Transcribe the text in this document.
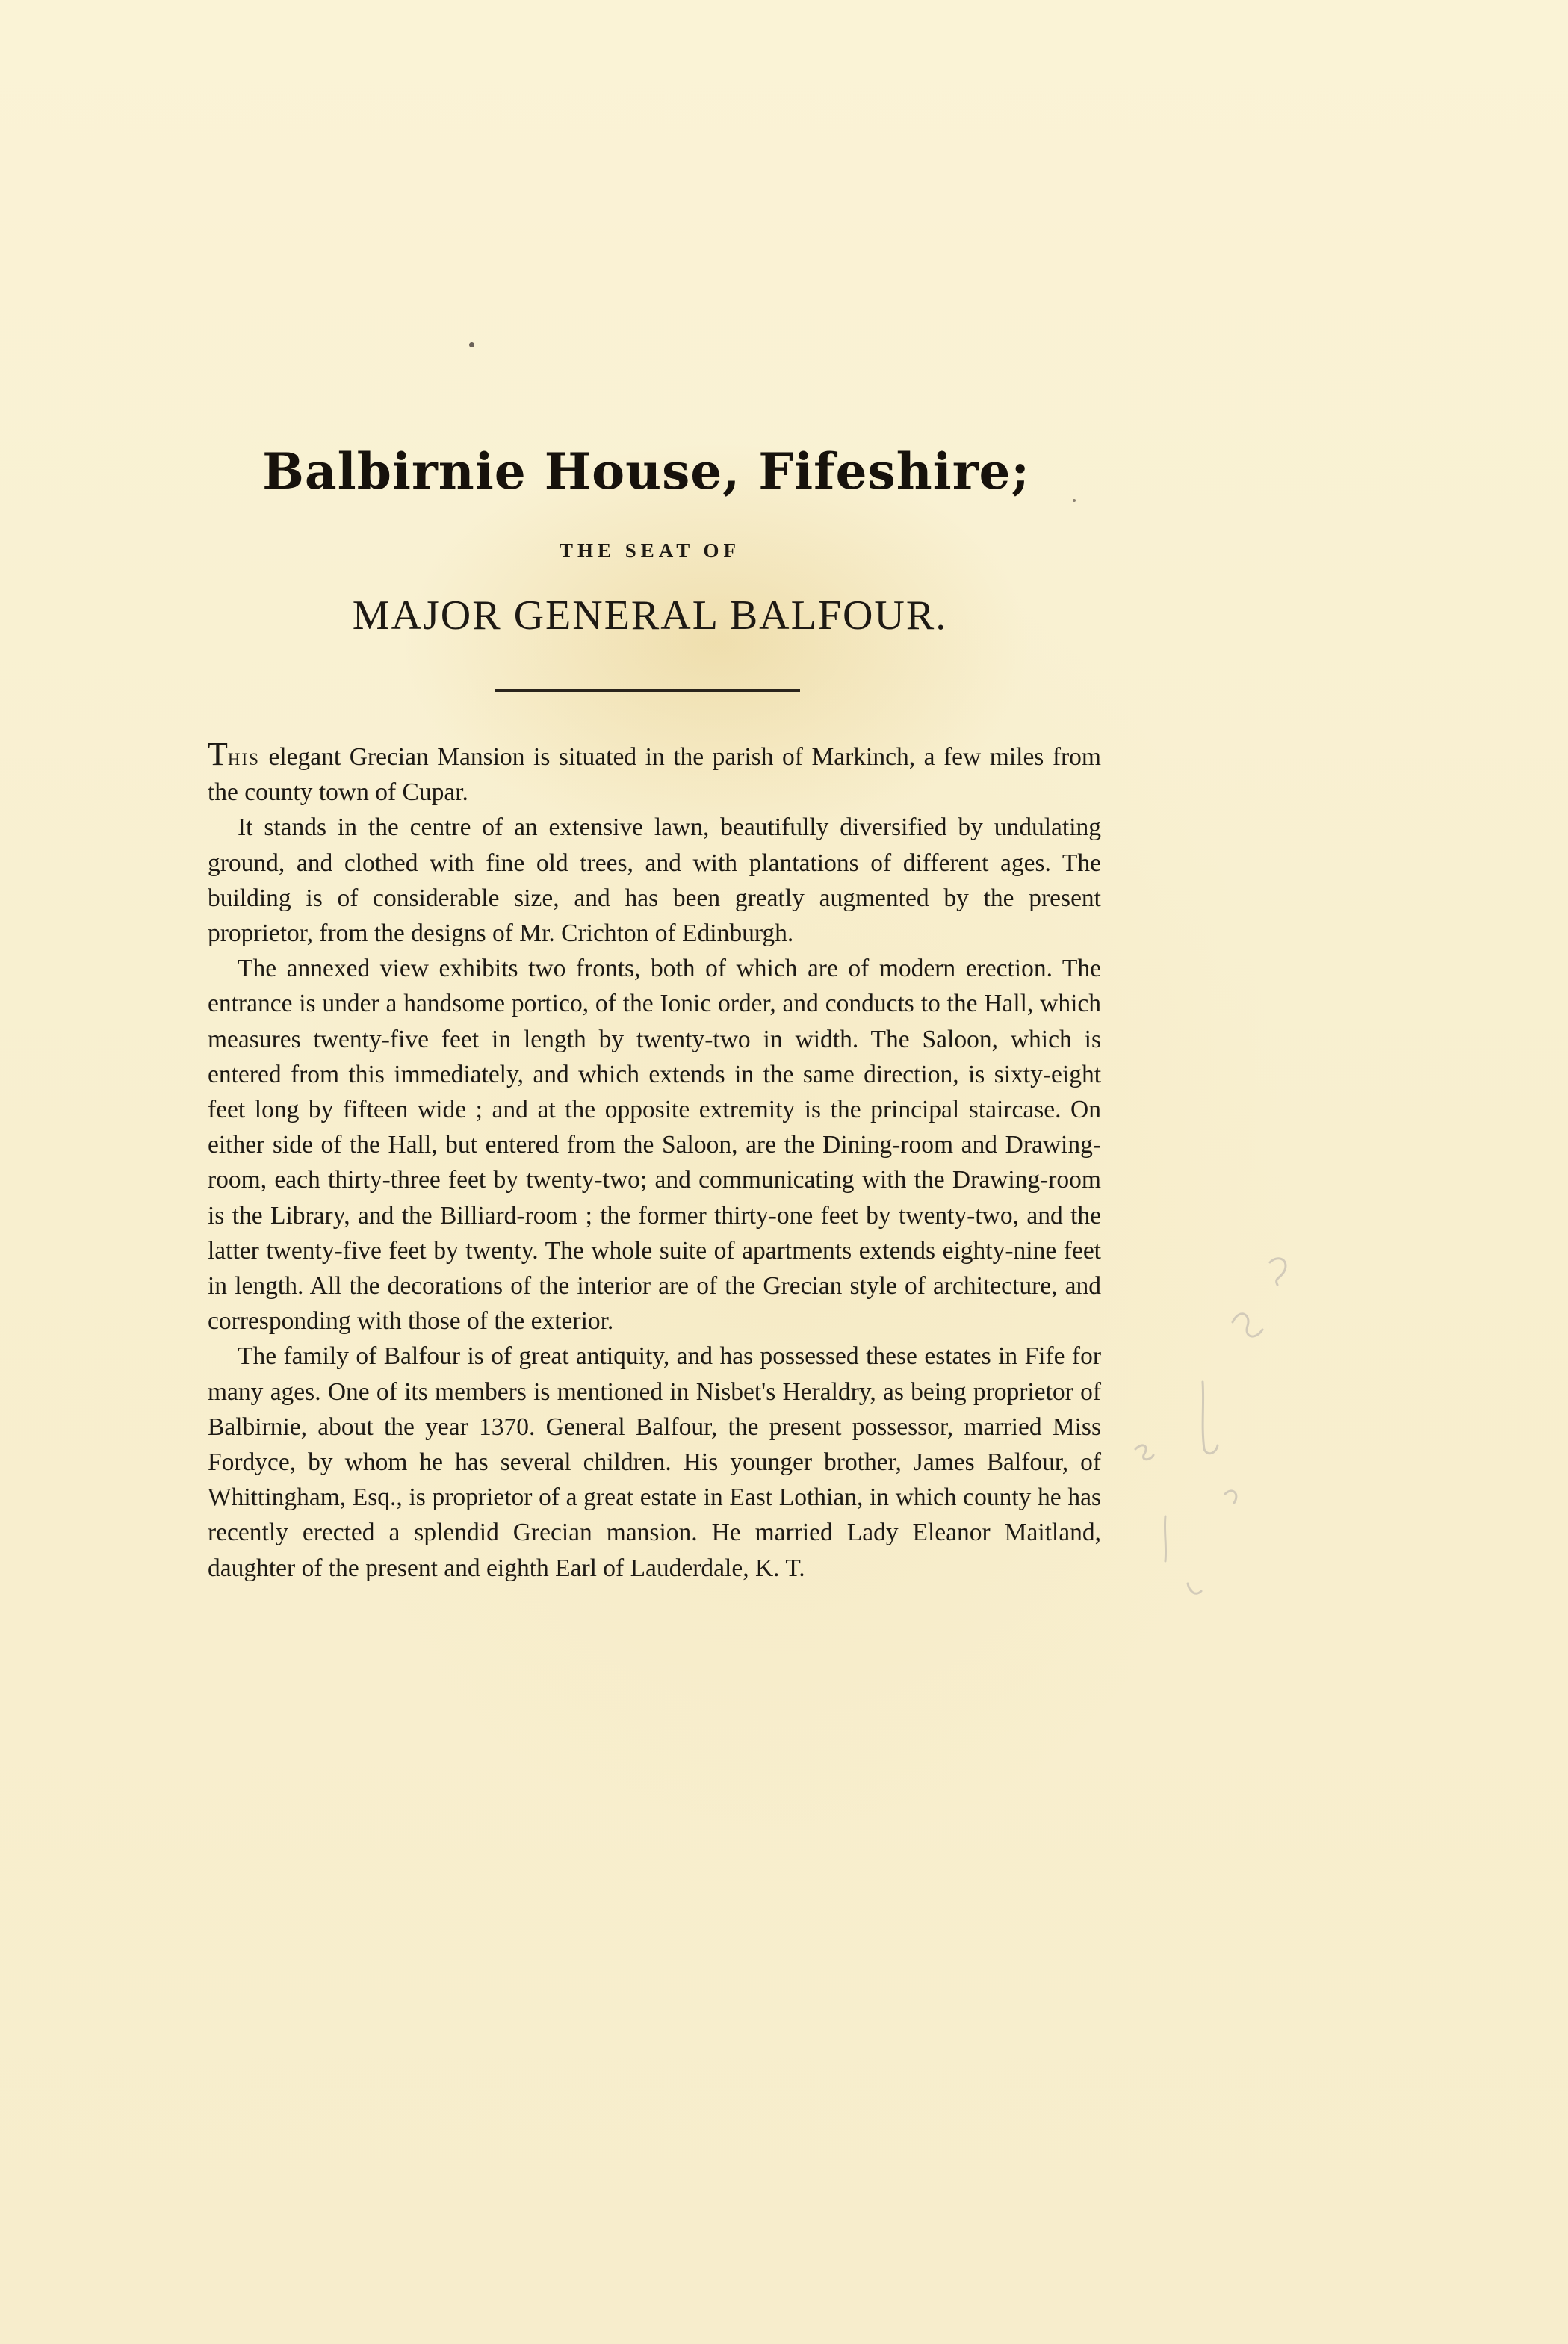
Balbirnie House, Fifeshire;
THE SEAT OF
MAJOR GENERAL BALFOUR.

This elegant Grecian Mansion is situated in the parish of Markinch, a few miles from the county town of Cupar.

It stands in the centre of an extensive lawn, beautifully diversified by undulating ground, and clothed with fine old trees, and with plantations of different ages. The building is of considerable size, and has been greatly augmented by the present proprietor, from the designs of Mr. Crichton of Edinburgh.

The annexed view exhibits two fronts, both of which are of modern erection. The entrance is under a handsome portico, of the Ionic order, and conducts to the Hall, which measures twenty-five feet in length by twenty-two in width. The Saloon, which is entered from this immediately, and which extends in the same direction, is sixty-eight feet long by fifteen wide ; and at the opposite extremity is the principal staircase. On either side of the Hall, but entered from the Saloon, are the Dining-room and Drawing-room, each thirty-three feet by twenty-two; and communicating with the Drawing-room is the Library, and the Billiard-room ; the former thirty-one feet by twenty-two, and the latter twenty-five feet by twenty. The whole suite of apartments extends eighty-nine feet in length. All the decorations of the interior are of the Grecian style of architecture, and corresponding with those of the exterior.

The family of Balfour is of great antiquity, and has possessed these estates in Fife for many ages. One of its members is mentioned in Nisbet's Heraldry, as being proprietor of Balbirnie, about the year 1370. General Balfour, the present possessor, married Miss Fordyce, by whom he has several children. His younger brother, James Balfour, of Whittingham, Esq., is proprietor of a great estate in East Lothian, in which county he has recently erected a splendid Grecian mansion. He married Lady Eleanor Maitland, daughter of the present and eighth Earl of Lauderdale, K. T.
